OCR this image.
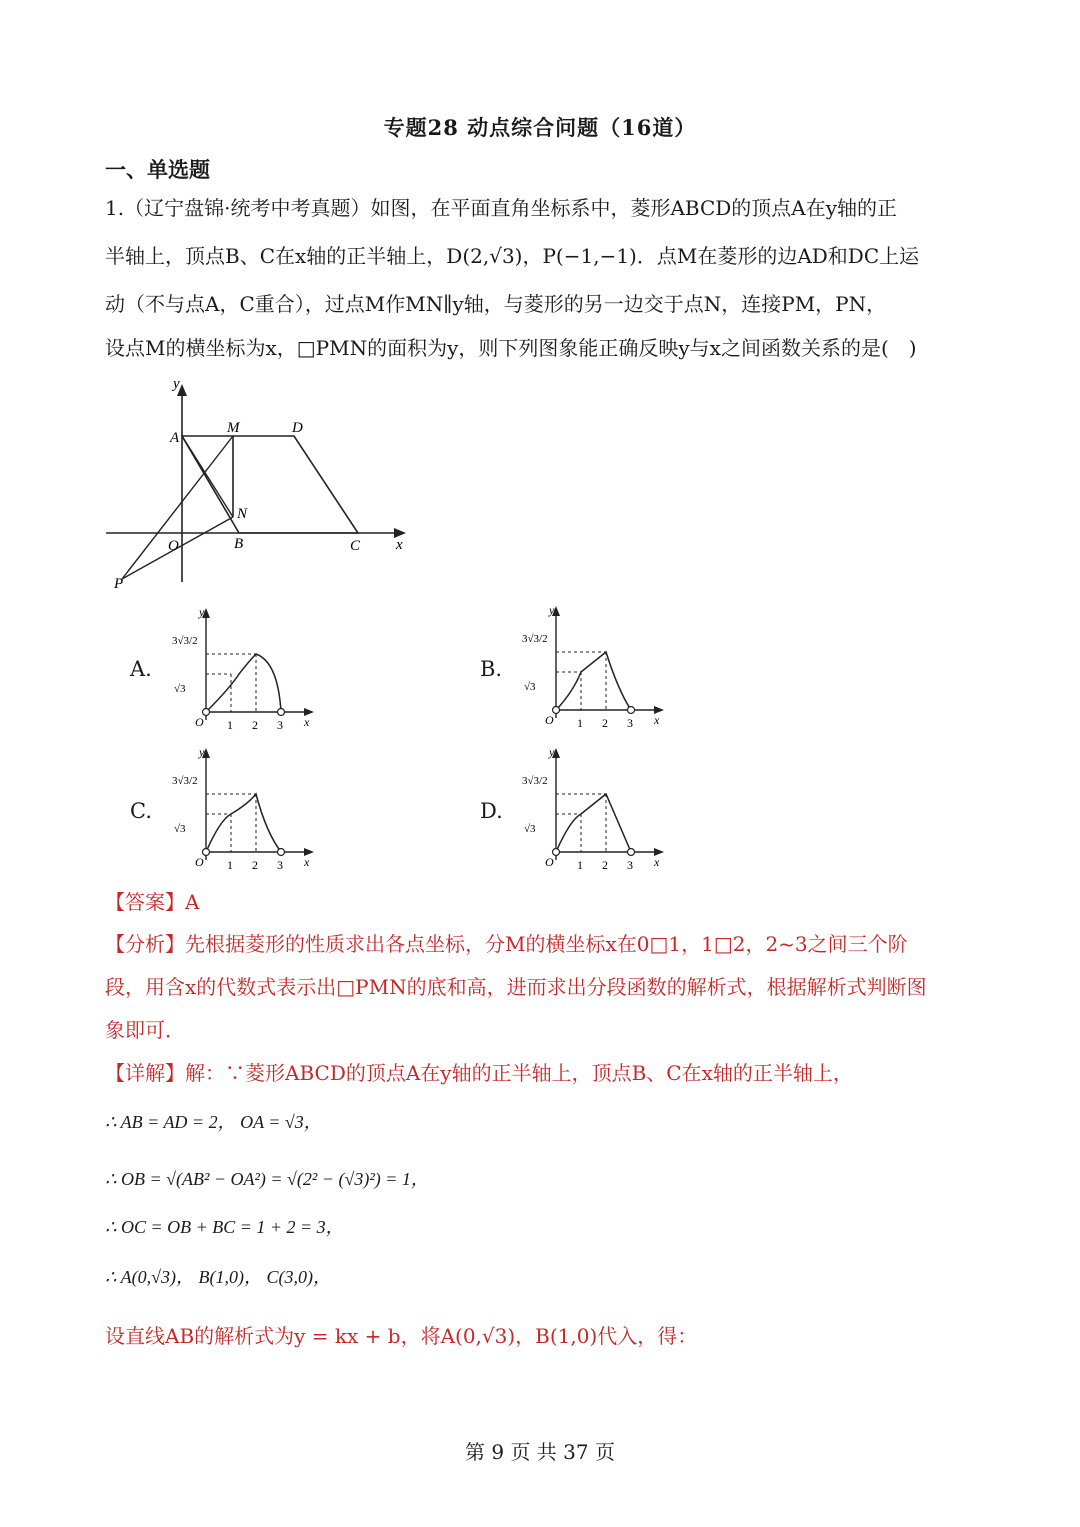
专题28 动点综合问题（16道）
一、单选题
1.（辽宁盘锦·统考中考真题）如图，在平面直角坐标系中，菱形ABCD的顶点A在y轴的正
半轴上，顶点B、C在x轴的正半轴上，D(2,√3)，P(−1,−1)．点M在菱形的边AD和DC上运
动（不与点A，C重合），过点M作MN∥y轴，与菱形的另一边交于点N，连接PM，PN，
设点M的横坐标为x，□PMN的面积为y，则下列图象能正确反映y与x之间函数关系的是(　)
y
A
M	D
N
O	B	C x
P
A.	B.
C.	D.
y
x
O
3√3/2
√3
1 2 3
y
x
O
3√3/2
√3
1 2 3
y
x
O
3√3/2
√3
1 2 3
y
x
O
3√3/2
√3
1 2 3
【答案】A
【分析】先根据菱形的性质求出各点坐标，分M的横坐标x在0□1，1□2，2~3之间三个阶
段，用含x的代数式表示出□PMN的底和高，进而求出分段函数的解析式，根据解析式判断图
象即可．
【详解】解：∵菱形ABCD的顶点A在y轴的正半轴上，顶点B、C在x轴的正半轴上，
∴ AB = AD = 2， OA = √3，
∴ OB = √(AB² − OA²) = √(2² − (√3)²) = 1，
∴ OC = OB + BC = 1 + 2 = 3，
∴ A(0,√3)， B(1,0)， C(3,0)，
设直线AB的解析式为y = kx + b，将A(0,√3)，B(1,0)代入，得：
第 9 页 共 37 页
